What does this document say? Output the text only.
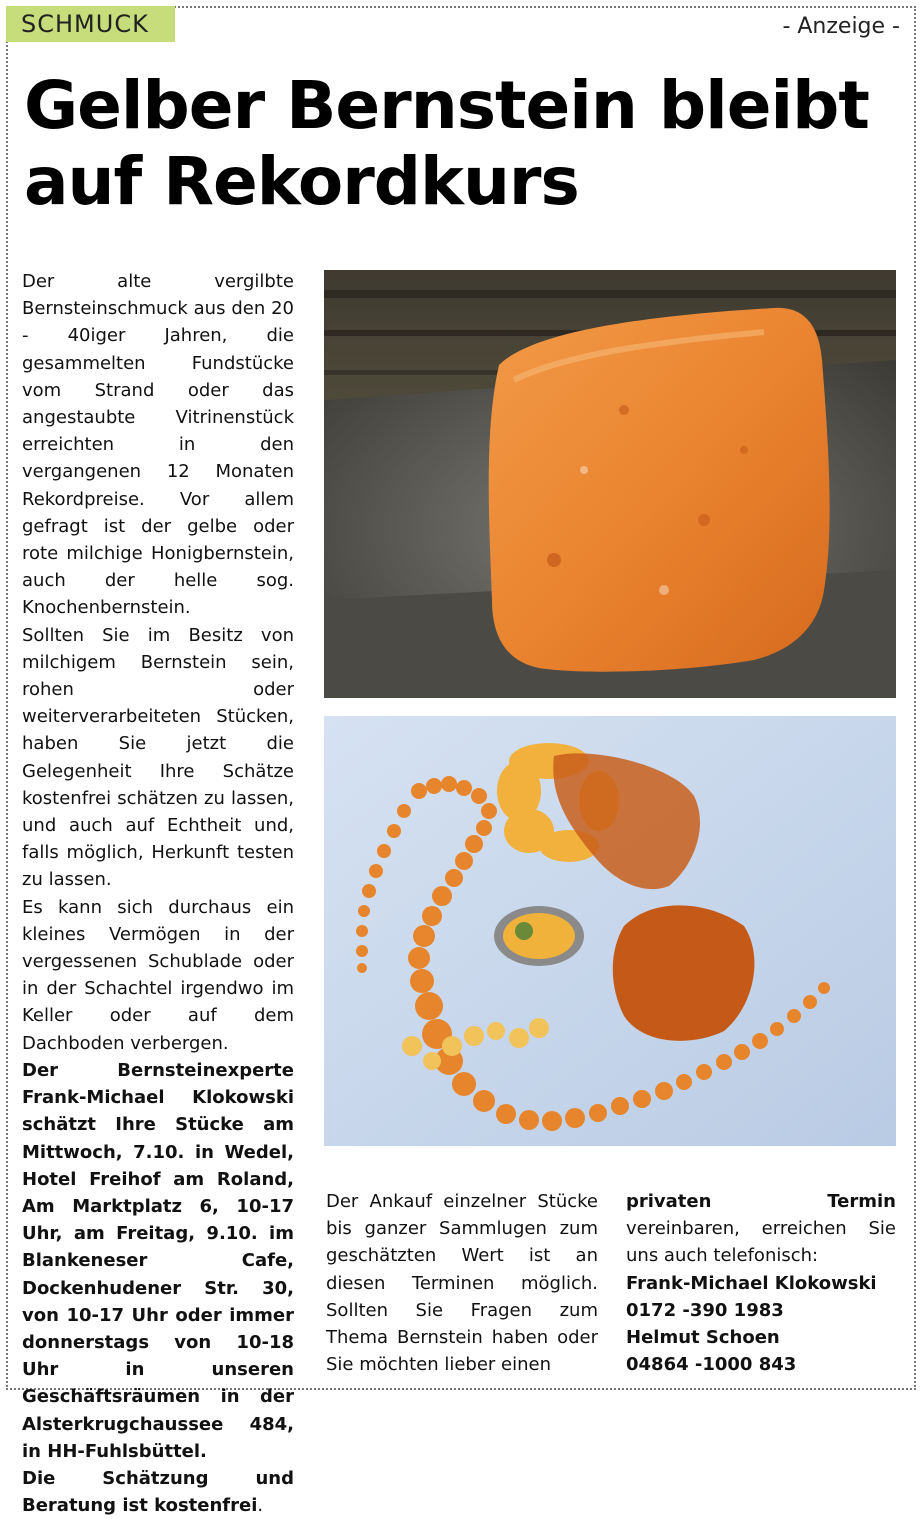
SCHMUCK	- Anzeige -
Gelber Bernstein bleibt auf Rekordkurs

Der alte vergilbte Bernsteinschmuck aus den 20 - 40iger Jahren, die gesammelten Fundstücke vom Strand oder das angestaubte Vitrinenstück erreichten in den vergangenen 12 Monaten Rekordpreise. Vor allem gefragt ist der gelbe oder rote milchige Honigbernstein, auch der helle sog. Knochenbernstein.

Sollten Sie im Besitz von milchigem Bernstein sein, rohen oder weiterverarbeiteten Stücken, haben Sie jetzt die Gelegenheit Ihre Schätze kostenfrei schätzen zu lassen, und auch auf Echtheit und, falls möglich, Herkunft testen zu lassen.

Es kann sich durchaus ein kleines Vermögen in der vergessenen Schublade oder in der Schachtel irgendwo im Keller oder auf dem Dachboden verbergen.

Der Bernsteinexperte Frank-Michael Klokowski schätzt Ihre Stücke am Mittwoch, 7.10. in Wedel, Hotel Freihof am Roland, Am Marktplatz 6, 10-17 Uhr, am Freitag, 9.10. im Blankeneser Cafe, Dockenhudener Str. 30, von 10-17 Uhr oder immer donnerstags von 10-18 Uhr in unseren Geschäftsräumen in der Alsterkrugchaussee 484, in HH-Fuhlsbüttel.

Die Schätzung und Beratung ist kostenfrei.

Der Ankauf einzelner Stücke bis ganzer Sammlugen zum geschätzten Wert ist an diesen Terminen möglich. Sollten Sie Fragen zum Thema Bernstein haben oder Sie möchten lieber einen

privaten Termin vereinbaren, erreichen Sie uns auch telefonisch:

Frank-Michael Klokowski

0172 -390 1983

Helmut Schoen

04864 -1000 843
